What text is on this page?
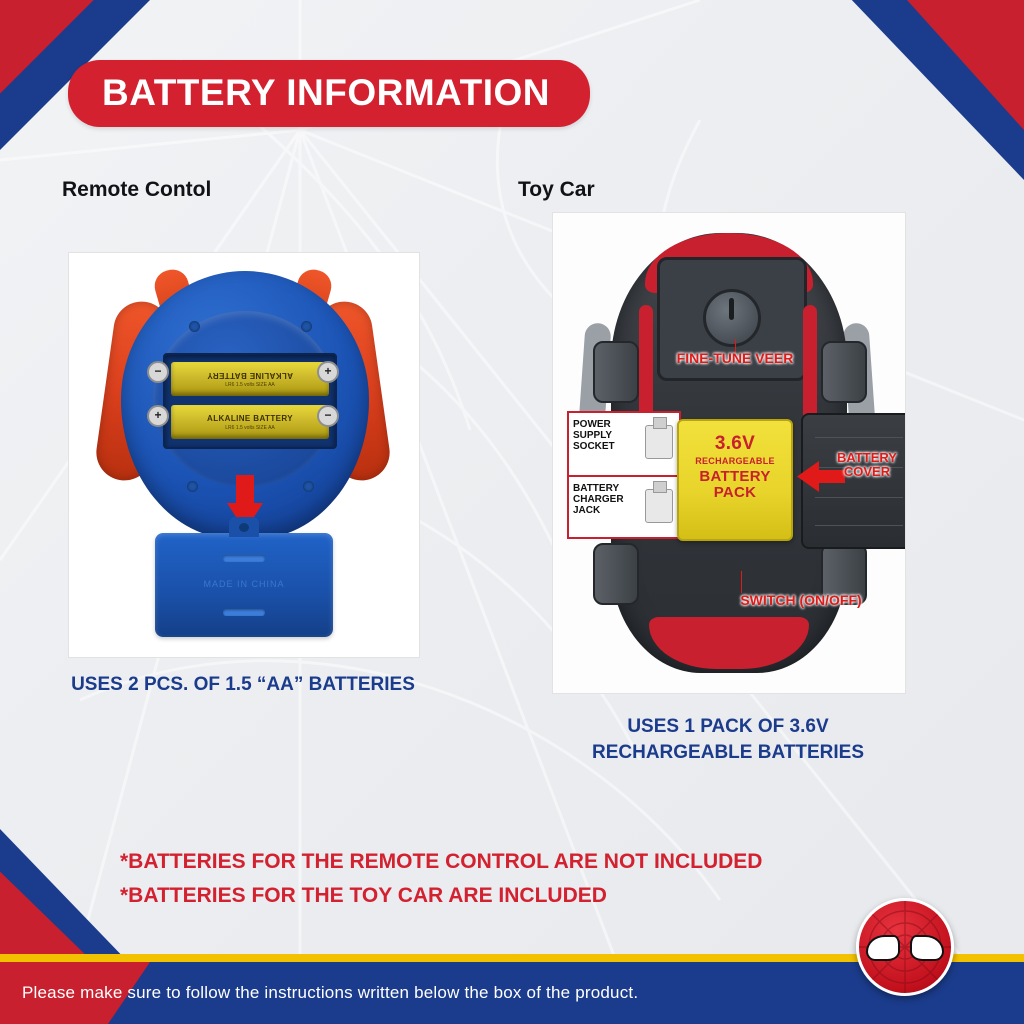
BATTERY INFORMATION
Remote Contol	Toy Car
ALKALINE BATTERY
LR6 1.5 volts SIZE AA
ALKALINE BATTERY
LR6 1.5 volts SIZE AA
−	+
+	−
MADE IN CHINA
FINE-TUNE VEER
POWER SUPPLY SOCKET
BATTERY CHARGER JACK
3.6V
RECHARGEABLE
BATTERY
PACK
BATTERY COVER
SWITCH (ON/OFF)
USES 2 PCS. OF 1.5 “AA” BATTERIES
USES 1 PACK OF 3.6V RECHARGEABLE BATTERIES
*BATTERIES FOR THE REMOTE CONTROL ARE NOT INCLUDED
*BATTERIES FOR THE TOY CAR ARE INCLUDED
Please make sure to follow the instructions written below the box of the product.
